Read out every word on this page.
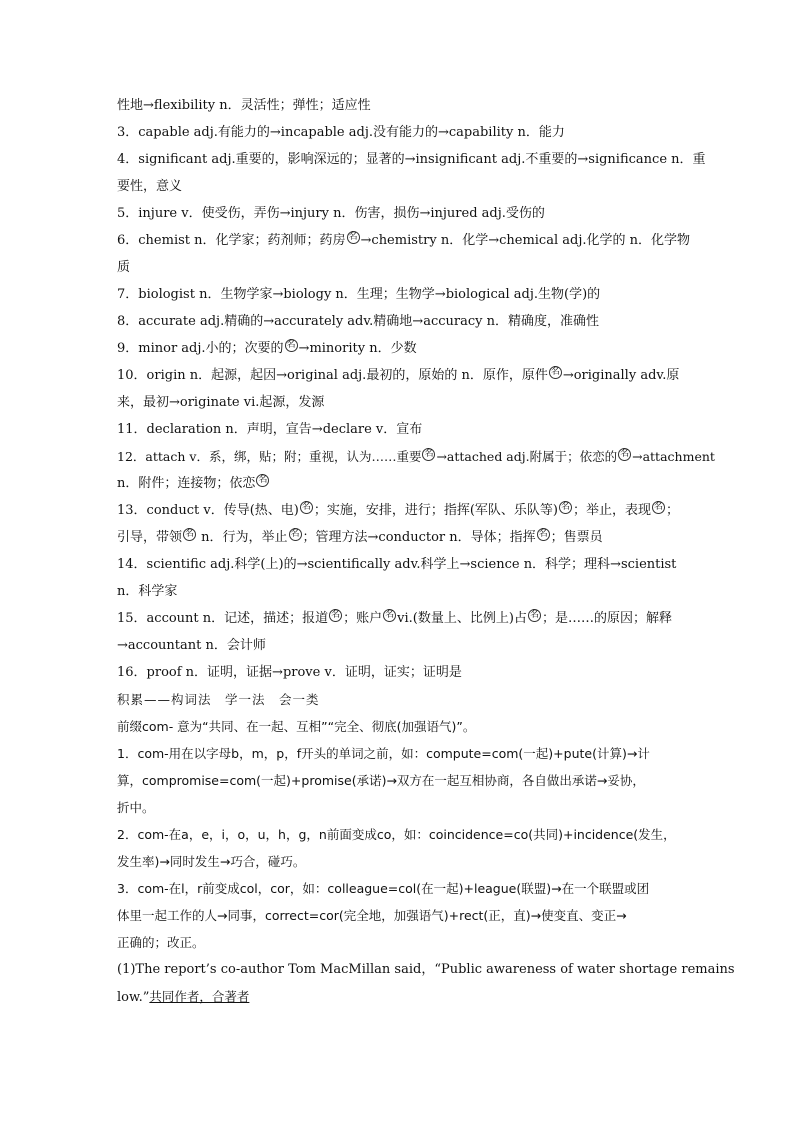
性地→flexibility n．灵活性；弹性；适应性
3．capable adj.有能力的→incapable adj.没有能力的→capability n．能力
4．significant adj.重要的，影响深远的；显著的→insignificant adj.不重要的→significance n．重
要性，意义
5．injure v．使受伤，弄伤→injury n．伤害，损伤→injured adj.受伤的
6．chemist n．化学家；药剂师；药房 名 →chemistry n．化学→chemical adj.化学的 n．化学物
质
7．biologist n．生物学家→biology n．生理；生物学→biological adj.生物(学)的
8．accurate adj.精确的→accurately adv.精确地→accuracy n．精确度，准确性
9．minor adj.小的；次要的 名 →minority n．少数
10．origin n．起源，起因→original adj.最初的，原始的 n．原作，原件 名 →originally adv.原
来，最初→originate vi.起源，发源
11．declaration n．声明，宣告→declare v．宣布
12．attach v．系，绑，贴；附；重视，认为……重要 名 →attached adj.附属于；依恋的 名 →attachment
n．附件；连接物；依恋 名
13．conduct v．传导(热、电) 名 ；实施，安排，进行；指挥(军队、乐队等) 名 ；举止，表现 名 ；
引导，带领 名 n．行为，举止 名 ；管理方法→conductor n．导体；指挥 名 ；售票员
14．scientific adj.科学(上)的→scientifically adv.科学上→science n．科学；理科→scientist
n．科学家
15．account n．记述，描述；报道 名 ；账户 名 vi.(数量上、比例上)占 名 ；是……的原因；解释
→accountant n．会计师
16．proof n．证明，证据→prove v．证明，证实；证明是
积累——构词法　学一法　会一类
前缀com- 意为“共同、在一起、互相”“完全、彻底(加强语气)”。
1．com-用在以字母b，m，p，f开头的单词之前，如：compute=com(一起)+pute(计算)→计
算，compromise=com(一起)+promise(承诺)→双方在一起互相协商，各自做出承诺→妥协，
折中。
2．com-在a，e，i，o，u，h，g，n前面变成co，如：coincidence=co(共同)+incidence(发生，
发生率)→同时发生→巧合，碰巧。
3．com-在l，r前变成col，cor，如：colleague=col(在一起)+league(联盟)→在一个联盟或团
体里一起工作的人→同事，correct=cor(完全地，加强语气)+rect(正，直)→使变直、变正→
正确的；改正。
(1)The report’s co-author Tom MacMillan said，“Public awareness of water shortage remains
low.”共同作者，合著者
